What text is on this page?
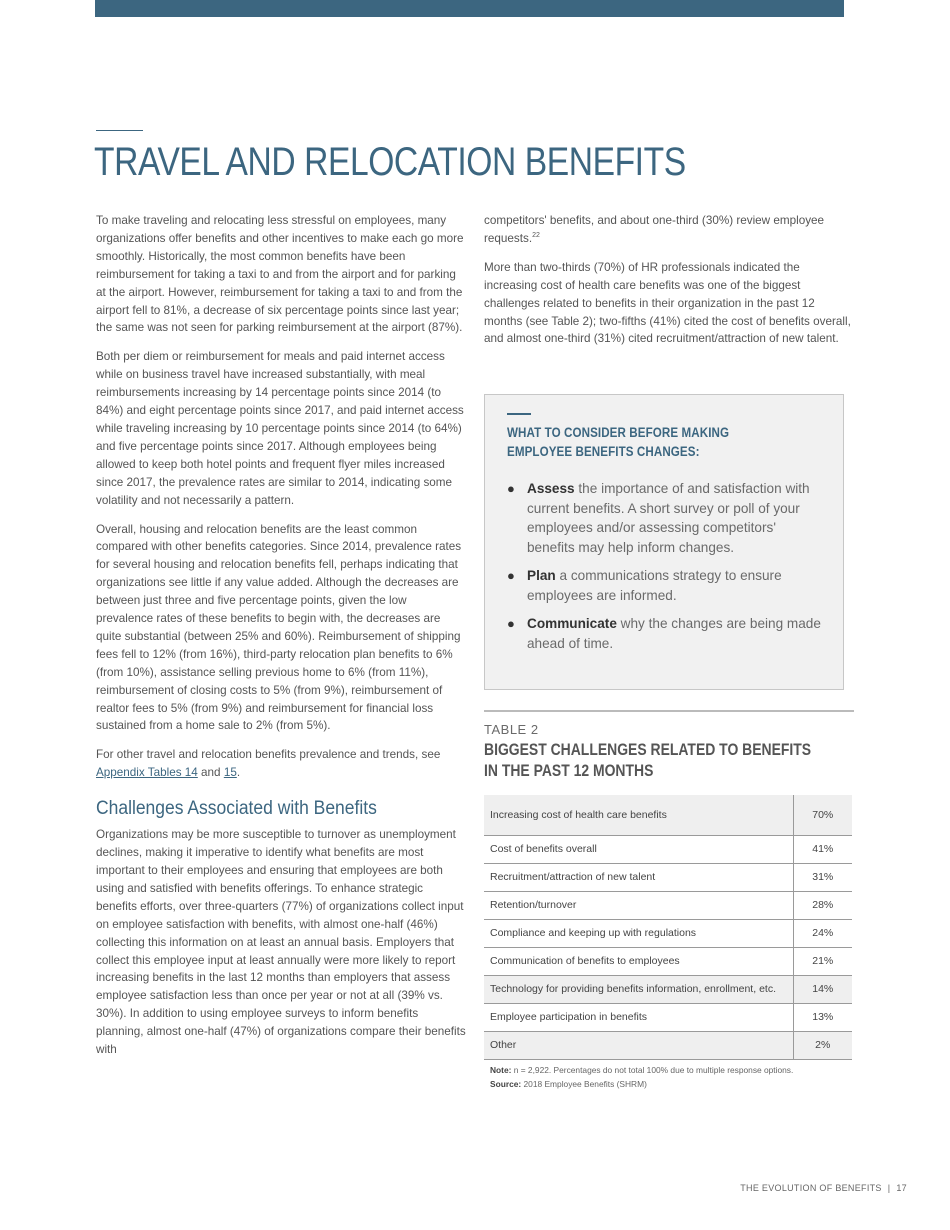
TRAVEL AND RELOCATION BENEFITS

To make traveling and relocating less stressful on employees, many organizations offer benefits and other incentives to make each go more smoothly. Historically, the most common benefits have been reimbursement for taking a taxi to and from the airport and for parking at the airport. However, reimbursement for taking a taxi to and from the airport fell to 81%, a decrease of six percentage points since last year; the same was not seen for parking reimbursement at the airport (87%).

Both per diem or reimbursement for meals and paid internet access while on business travel have increased substantially, with meal reimbursements increasing by 14 percentage points since 2014 (to 84%) and eight percentage points since 2017, and paid internet access while traveling increasing by 10 percentage points since 2014 (to 64%) and five percentage points since 2017. Although employees being allowed to keep both hotel points and frequent flyer miles increased since 2017, the prevalence rates are similar to 2014, indicating some volatility and not necessarily a pattern.

Overall, housing and relocation benefits are the least common compared with other benefits categories. Since 2014, prevalence rates for several housing and relocation benefits fell, perhaps indicating that organizations see little if any value added. Although the decreases are between just three and five percentage points, given the low prevalence rates of these benefits to begin with, the decreases are quite substantial (between 25% and 60%). Reimbursement of shipping fees fell to 12% (from 16%), third-party relocation plan benefits to 6% (from 10%), assistance selling previous home to 6% (from 11%), reimbursement of closing costs to 5% (from 9%), reimbursement of realtor fees to 5% (from 9%) and reimbursement for financial loss sustained from a home sale to 2% (from 5%).

For other travel and relocation benefits prevalence and trends, see Appendix Tables 14 and 15.

Challenges Associated with Benefits

Organizations may be more susceptible to turnover as unemployment declines, making it imperative to identify what benefits are most important to their employees and ensuring that employees are both using and satisfied with benefits offerings. To enhance strategic benefits efforts, over three-quarters (77%) of organizations collect input on employee satisfaction with benefits, with almost one-half (46%) collecting this information on at least an annual basis. Employers that collect this employee input at least annually were more likely to report increasing benefits in the last 12 months than employers that assess employee satisfaction less than once per year or not at all (39% vs. 30%). In addition to using employee surveys to inform benefits planning, almost one-half (47%) of organizations compare their benefits with

competitors' benefits, and about one-third (30%) review employee requests.$^{22}$

More than two-thirds (70%) of HR professionals indicated the increasing cost of health care benefits was one of the biggest challenges related to benefits in their organization in the past 12 months (see Table 2); two-fifths (41%) cited the cost of benefits overall, and almost one-third (31%) cited recruitment/attraction of new talent.

WHAT TO CONSIDER BEFORE MAKING EMPLOYEE BENEFITS CHANGES:
● Assess the importance of and satisfaction with current benefits. A short survey or poll of your employees and/or assessing competitors' benefits may help inform changes.
● Plan a communications strategy to ensure employees are informed.
● Communicate why the changes are being made ahead of time.
TABLE 2
BIGGEST CHALLENGES RELATED TO BENEFITS IN THE PAST 12 MONTHS
Increasing cost of health care benefits	70%
Cost of benefits overall	41%
Recruitment/attraction of new talent	31%
Retention/turnover	28%
Compliance and keeping up with regulations	24%
Communication of benefits to employees	21%
Technology for providing benefits information, enrollment, etc.	14%
Employee participation in benefits	13%
Other	2%
Note: n = 2,922. Percentages do not total 100% due to multiple response options.
Source: 2018 Employee Benefits (SHRM)
THE EVOLUTION OF BENEFITS | 17
